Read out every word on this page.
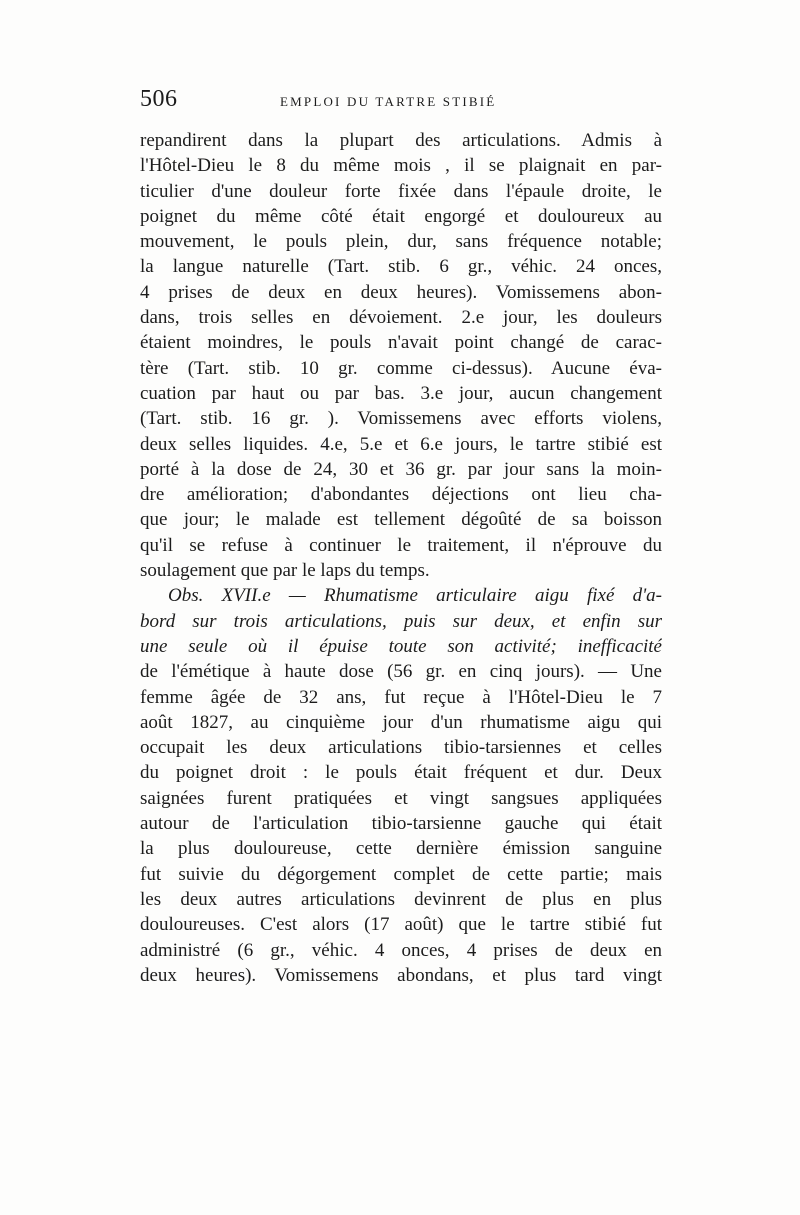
506	EMPLOI DU TARTRE STIBIÉ
repandirent dans la plupart des articulations. Admis à
l'Hôtel-Dieu le 8 du même mois , il se plaignait en par-
ticulier d'une douleur forte fixée dans l'épaule droite, le
poignet du même côté était engorgé et douloureux au
mouvement, le pouls plein, dur, sans fréquence notable;
la langue naturelle (Tart. stib. 6 gr., véhic. 24 onces,
4 prises de deux en deux heures). Vomissemens abon-
dans, trois selles en dévoiement. 2.e jour, les douleurs
étaient moindres, le pouls n'avait point changé de carac-
tère (Tart. stib. 10 gr. comme ci-dessus). Aucune éva-
cuation par haut ou par bas. 3.e jour, aucun changement
(Tart. stib. 16 gr. ). Vomissemens avec efforts violens,
deux selles liquides. 4.e, 5.e et 6.e jours, le tartre stibié est
porté à la dose de 24, 30 et 36 gr. par jour sans la moin-
dre amélioration; d'abondantes déjections ont lieu cha-
que jour; le malade est tellement dégoûté de sa boisson
qu'il se refuse à continuer le traitement, il n'éprouve du
soulagement que par le laps du temps.
Obs. XVII.e — Rhumatisme articulaire aigu fixé d'a-
bord sur trois articulations, puis sur deux, et enfin sur
une seule où il épuise toute son activité; inefficacité
de l'émétique à haute dose (56 gr. en cinq jours). — Une
femme âgée de 32 ans, fut reçue à l'Hôtel-Dieu le 7
août 1827, au cinquième jour d'un rhumatisme aigu qui
occupait les deux articulations tibio-tarsiennes et celles
du poignet droit : le pouls était fréquent et dur. Deux
saignées furent pratiquées et vingt sangsues appliquées
autour de l'articulation tibio-tarsienne gauche qui était
la plus douloureuse, cette dernière émission sanguine
fut suivie du dégorgement complet de cette partie; mais
les deux autres articulations devinrent de plus en plus
douloureuses. C'est alors (17 août) que le tartre stibié fut
administré (6 gr., véhic. 4 onces, 4 prises de deux en
deux heures). Vomissemens abondans, et plus tard vingt
